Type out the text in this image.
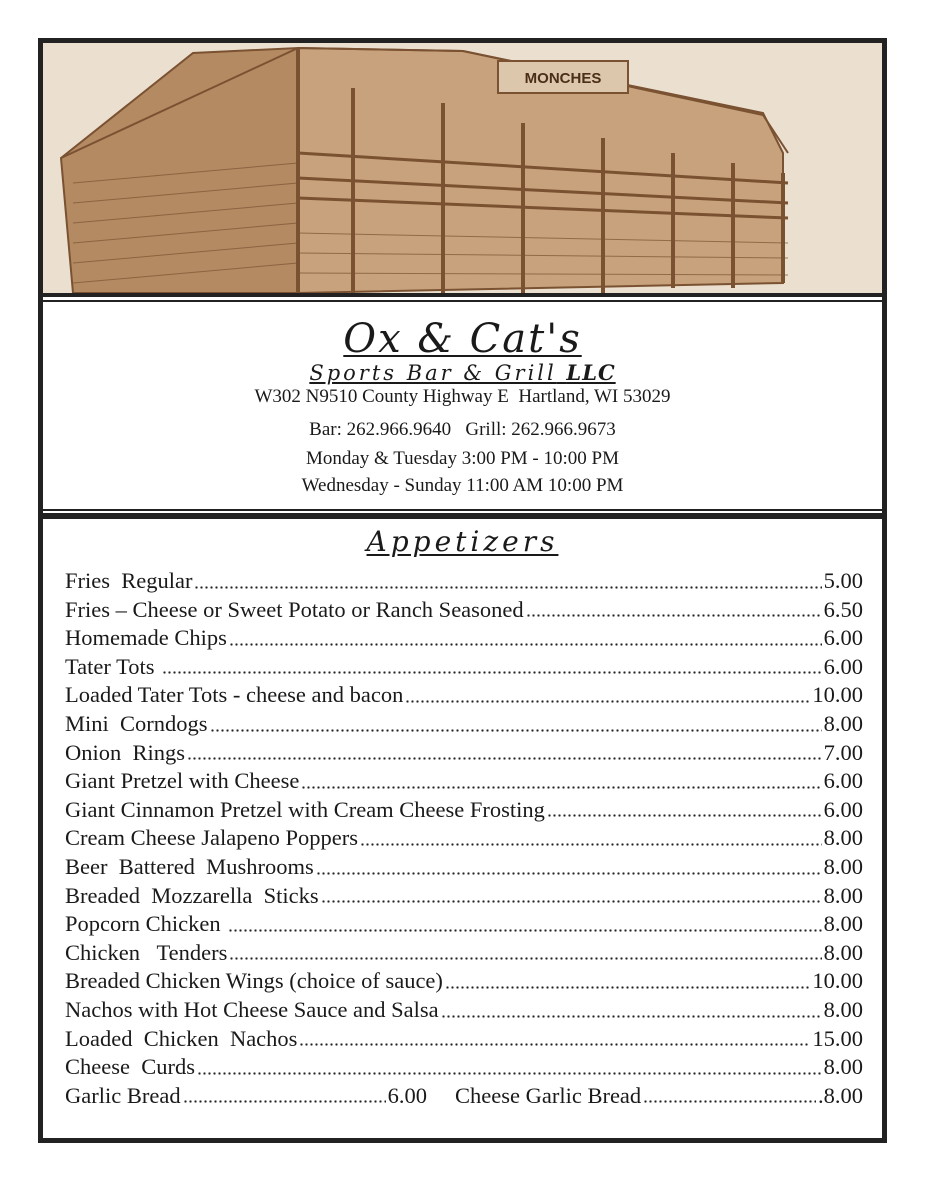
MONCHES
Ox & Cat's
Sports Bar & Grill LLC
W302 N9510 County Highway E  Hartland, WI 53029
Bar: 262.966.9640   Grill: 262.966.9673
Monday & Tuesday 3:00 PM - 10:00 PM
Wednesday - Sunday 11:00 AM 10:00 PM
Appetizers
Fries  Regular	5.00
Fries – Cheese or Sweet Potato or Ranch Seasoned	6.50
Homemade Chips	6.00
Tater Tots	6.00
Loaded Tater Tots - cheese and bacon	10.00
Mini  Corndogs	8.00
Onion  Rings	7.00
Giant Pretzel with Cheese	6.00
Giant Cinnamon Pretzel with Cream Cheese Frosting	6.00
Cream Cheese Jalapeno Poppers	8.00
Beer  Battered  Mushrooms	8.00
Breaded  Mozzarella  Sticks	8.00
Popcorn Chicken	8.00
Chicken   Tenders	8.00
Breaded Chicken Wings (choice of sauce)	10.00
Nachos with Hot Cheese Sauce and Salsa	8.00
Loaded  Chicken  Nachos	15.00
Cheese  Curds	8.00
Garlic Bread	6.00 Cheese Garlic Bread	.8.00
